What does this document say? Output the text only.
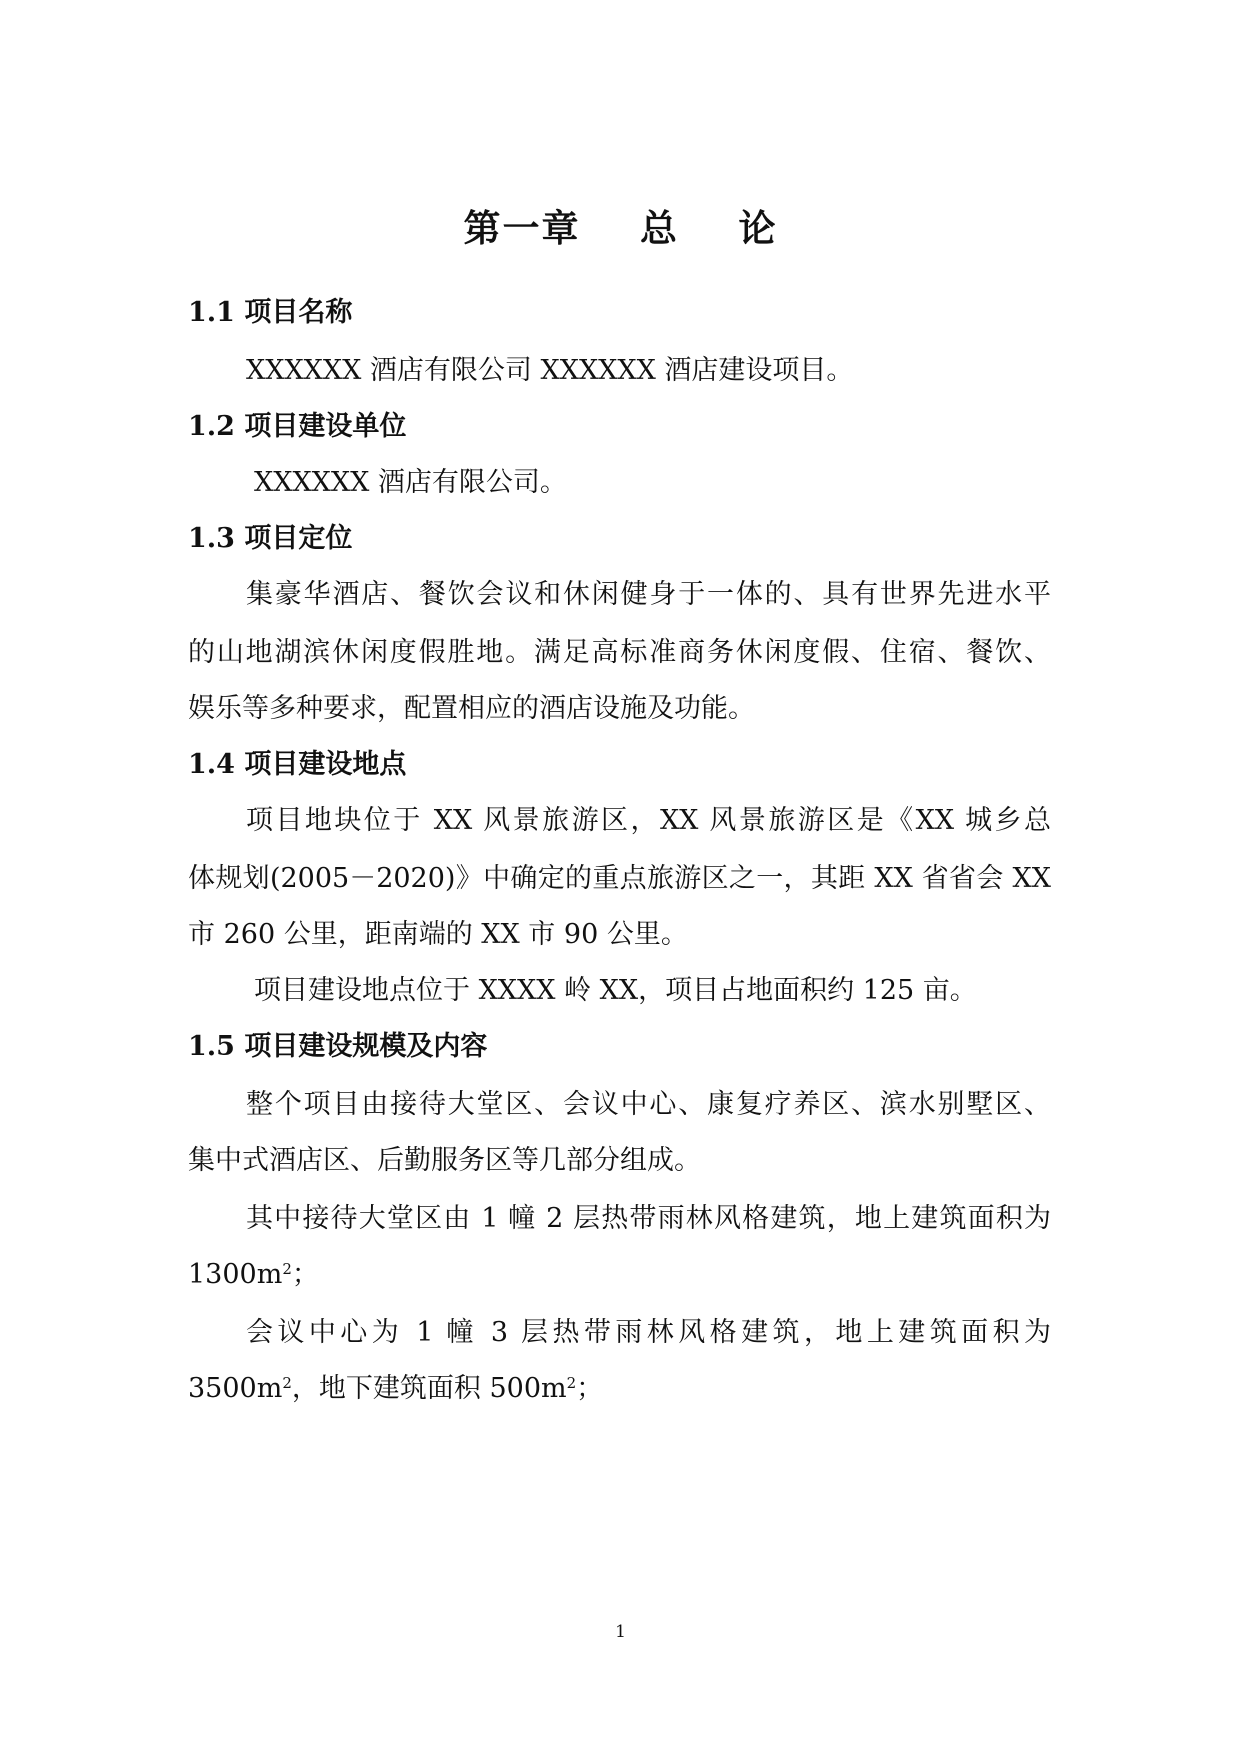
第一章    总    论

1.1 项目名称

XXXXXX 酒店有限公司 XXXXXX 酒店建设项目。

1.2 项目建设单位

XXXXXX 酒店有限公司。

1.3 项目定位

集豪华酒店、餐饮会议和休闲健身于一体的、具有世界先进水平

的山地湖滨休闲度假胜地。满足高标准商务休闲度假、住宿、餐饮、

娱乐等多种要求，配置相应的酒店设施及功能。

1.4 项目建设地点

项目地块位于 XX 风景旅游区，XX 风景旅游区是《XX 城乡总

体规划(2005－2020)》中确定的重点旅游区之一，其距 XX 省省会 XX

市 260 公里，距南端的 XX 市 90 公里。

项目建设地点位于 XXXX 岭 XX，项目占地面积约 125 亩。

1.5 项目建设规模及内容

整个项目由接待大堂区、会议中心、康复疗养区、滨水别墅区、

集中式酒店区、后勤服务区等几部分组成。

其中接待大堂区由 1 幢 2 层热带雨林风格建筑，地上建筑面积为

$1300m^2$；

会议中心为 1 幢 3 层热带雨林风格建筑，地上建筑面积为

$3500m^2$，地下建筑面积 $500m^2$；

1
